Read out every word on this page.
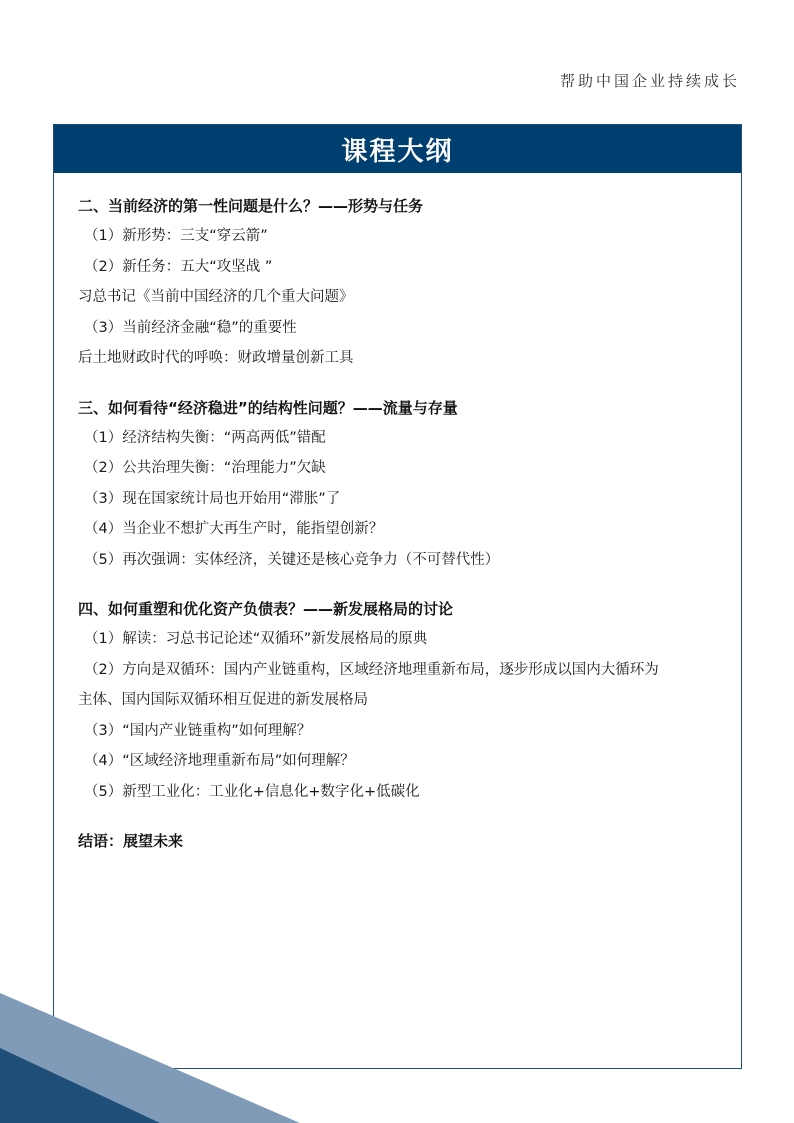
帮助中国企业持续成长
课程大纲
二、当前经济的第一性问题是什么？——形势与任务
（1）新形势：三支“穿云箭”
（2）新任务：五大“攻坚战 ”
习总书记《当前中国经济的几个重大问题》
（3）当前经济金融“稳”的重要性
后土地财政时代的呼唤：财政增量创新工具
三、如何看待“经济稳进”的结构性问题？——流量与存量
（1）经济结构失衡：“两高两低”错配
（2）公共治理失衡：“治理能力”欠缺
（3）现在国家统计局也开始用“滞胀”了
（4）当企业不想扩大再生产时，能指望创新？
（5）再次强调：实体经济，关键还是核心竞争力（不可替代性）
四、如何重塑和优化资产负债表？——新发展格局的讨论
（1）解读：习总书记论述“双循环”新发展格局的原典
（2）方向是双循环：国内产业链重构，区域经济地理重新布局，逐步形成以国内大循环为
主体、国内国际双循环相互促进的新发展格局
（3）“国内产业链重构”如何理解？
（4）“区域经济地理重新布局”如何理解？
（5）新型工业化：工业化+信息化+数字化+低碳化
结语：展望未来
